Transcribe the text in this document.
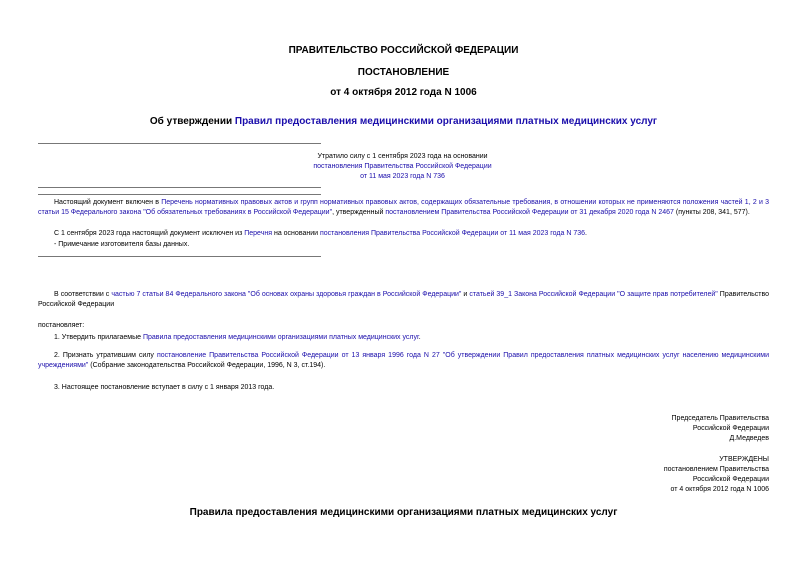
ПРАВИТЕЛЬСТВО РОССИЙСКОЙ ФЕДЕРАЦИИ
ПОСТАНОВЛЕНИЕ
от 4 октября 2012 года N 1006
Об утверждении Правил предоставления медицинскими организациями платных медицинских услуг
Утратило силу с 1 сентября 2023 года на основании
постановления Правительства Российской Федерации
от 11 мая 2023 года N 736
Настоящий документ включен в Перечень нормативных правовых актов и групп нормативных правовых актов, содержащих обязательные требования, в отношении которых не применяются положения частей 1, 2 и 3 статьи 15 Федерального закона "Об обязательных требованиях в Российской Федерации", утвержденный постановлением Правительства Российской Федерации от 31 декабря 2020 года N 2467 (пункты 208, 341, 577).
С 1 сентября 2023 года настоящий документ исключен из Перечня на основании постановления Правительства Российской Федерации от 11 мая 2023 года N 736.
- Примечание изготовителя базы данных.
В соответствии с частью 7 статьи 84 Федерального закона "Об основах охраны здоровья граждан в Российской Федерации" и статьей 39_1 Закона Российской Федерации "О защите прав потребителей" Правительство Российской Федерации
постановляет:
1. Утвердить прилагаемые Правила предоставления медицинскими организациями платных медицинских услуг.
2. Признать утратившим силу постановление Правительства Российской Федерации от 13 января 1996 года N 27 "Об утверждении Правил предоставления платных медицинских услуг населению медицинскими учреждениями" (Собрание законодательства Российской Федерации, 1996, N 3, ст.194).
3. Настоящее постановление вступает в силу с 1 января 2013 года.
Председатель Правительства
Российской Федерации
Д.Медведев
УТВЕРЖДЕНЫ
постановлением Правительства
Российской Федерации
от 4 октября 2012 года N 1006
Правила предоставления медицинскими организациями платных медицинских услуг
